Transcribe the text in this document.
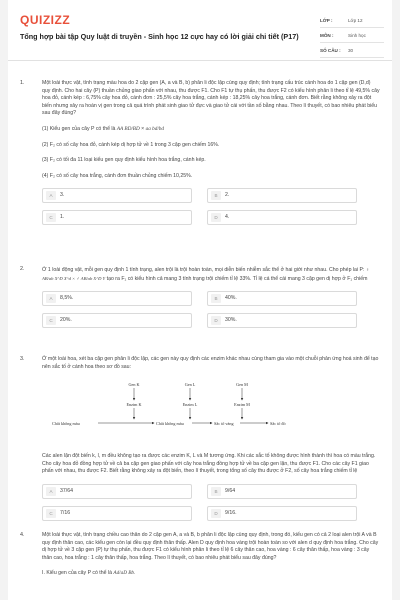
QUIZIZZ
Tổng hợp bài tập Quy luật di truyền - Sinh học 12 cực hay có lời giải chi tiết (P17)
LỚP :	Lớp 12
MÔN :	Sinh học
SỐ CÂU :	30
1.	Một loài thực vật, tính trạng màu hoa do 2 cặp gen (A, a và B, b) phân li độc lập cùng quy định; tính trạng cấu trúc cánh hoa do 1 cặp gen (D,d) quy định. Cho hai cây (P) thuần chủng giao phấn với nhau, thu được F1. Cho F1 tự thụ phấn, thu được F2 có kiểu hình phân li theo tỉ lệ 49,5% cây hoa đỏ, cánh kép : 6,75% cây hoa đỏ, cánh đơn : 25,5% cây hoa trắng, cánh kép : 18,25% cây hoa trắng, cánh đơn. Biết rằng không xảy ra đột biến nhưng xảy ra hoán vị gen trong cả quá trình phát sinh giao tử đực và giao tử cái với tần số bằng nhau. Theo lí thuyết, có bao nhiêu phát biểu sau đây đúng?

(1) Kiểu gen của cây P có thể là AA BD/BD × aa bd/bd

(2) F₂ có số cây hoa đỏ, cánh kép dị hợp tử về 1 trong 3 cặp gen chiếm 16%.

(3) F₂ có tối đa 11 loại kiểu gen quy định kiểu hình hoa trắng, cánh kép.

(4) F₂ có số cây hoa trắng, cánh đơn thuần chủng chiếm 10,25%.

A	3.	B	2.
C	1.	D	4.
2.	Ở 1 loài động vật, mỗi gen quy định 1 tính trạng, alen trội là trội hoàn toàn, mọi diễn biến nhiễm sắc thể ở hai giới như nhau. Cho phép lai P: ♀ AB/ab X^D X^d × ♂ AB/ab X^D Y tạo ra F₁ có kiểu hình cả mang 3 tính trạng trội chiếm tỉ lệ 33%. Tỉ lệ cá thể cái mang 3 cặp gen dị hợp ở F₁ chiếm

A	8,5%.	B	40%.
C	20%.	D	30%.
3.	Ở một loài hoa, xét ba cặp gen phân li độc lập, các gen này quy định các enzim khác nhau cùng tham gia vào một chuỗi phản ứng hoá sinh để tạo nên sắc tố ở cánh hoa theo sơ đồ sau:

Gen K	Gen L	Gen M
Enzim K	Enzim L	Enzim M
Chất không màu	Chất không màu	Sắc tố vàng	Sắc tố đỏ

Các alen lặn đột biến k, l, m đều không tạo ra được các enzim K, L và M tương ứng. Khi các sắc tố không được hình thành thì hoa có màu trắng. Cho cây hoa đỏ đồng hợp tử về cả ba cặp gen giao phấn với cây hoa trắng đồng hợp tử về ba cặp gen lặn, thu được F1. Cho các cây F1 giao phấn với nhau, thu được F2. Biết rằng không xảy ra đột biến, theo lí thuyết, trong tổng số cây thu được ở F2, số cây hoa trắng chiếm tỉ lệ

A	37/64	B	9/64
C	7/16	D	9/16.
4.	Một loài thực vật, tính trạng chiều cao thân do 2 cặp gen A, a và B, b phân li độc lập cùng quy định, trong đó, kiểu gen có cả 2 loại alen trội A và B quy định thân cao, các kiểu gen còn lại đều quy định thân thấp. Alen D quy định hoa vàng trội hoàn toàn so với alen d quy định hoa trắng. Cho cây dị hợp tử về 3 cặp gen (P) tự thụ phấn, thu được F1 có kiểu hình phân li theo tỉ lệ 6 cây thân cao, hoa vàng : 6 cây thân thấp, hoa vàng : 3 cây thân cao, hoa trắng : 1 cây thân thấp, hoa trắng. Theo lí thuyết, có bao nhiêu phát biểu sau đây đúng?

I. Kiểu gen của cây P có thể là Ad/aD Bb.
